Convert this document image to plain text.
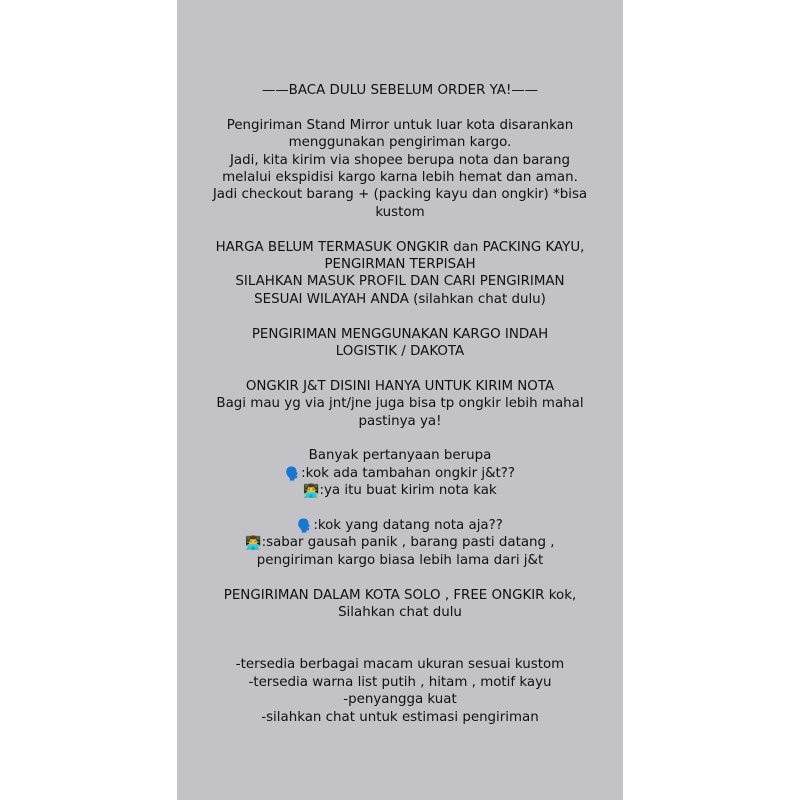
——BACA DULU SEBELUM ORDER YA!——

Pengiriman Stand Mirror untuk luar kota disarankan

menggunakan pengiriman kargo.

Jadi, kita kirim via shopee berupa nota dan barang

melalui ekspidisi kargo karna lebih hemat dan aman.

Jadi checkout barang + (packing kayu dan ongkir) *bisa

kustom

HARGA BELUM TERMASUK ONGKIR dan PACKING KAYU,

PENGIRMAN TERPISAH

SILAHKAN MASUK PROFIL DAN CARI PENGIRIMAN

SESUAI WILAYAH ANDA (silahkan chat dulu)

PENGIRIMAN MENGGUNAKAN KARGO INDAH

LOGISTIK / DAKOTA

ONGKIR J&T DISINI HANYA UNTUK KIRIM NOTA

Bagi mau yg via jnt/jne juga bisa tp ongkir lebih mahal

pastinya ya!

Banyak pertanyaan berupa

🗣️:kok ada tambahan ongkir j&t??

👨‍💻:ya itu buat kirim nota kak

🗣️:kok yang datang nota aja??

👨‍💻:sabar gausah panik , barang pasti datang ,

pengiriman kargo biasa lebih lama dari j&t

PENGIRIMAN DALAM KOTA SOLO , FREE ONGKIR kok,

Silahkan chat dulu

-tersedia berbagai macam ukuran sesuai kustom

-tersedia warna list putih , hitam , motif kayu

-penyangga kuat

-silahkan chat untuk estimasi pengiriman
